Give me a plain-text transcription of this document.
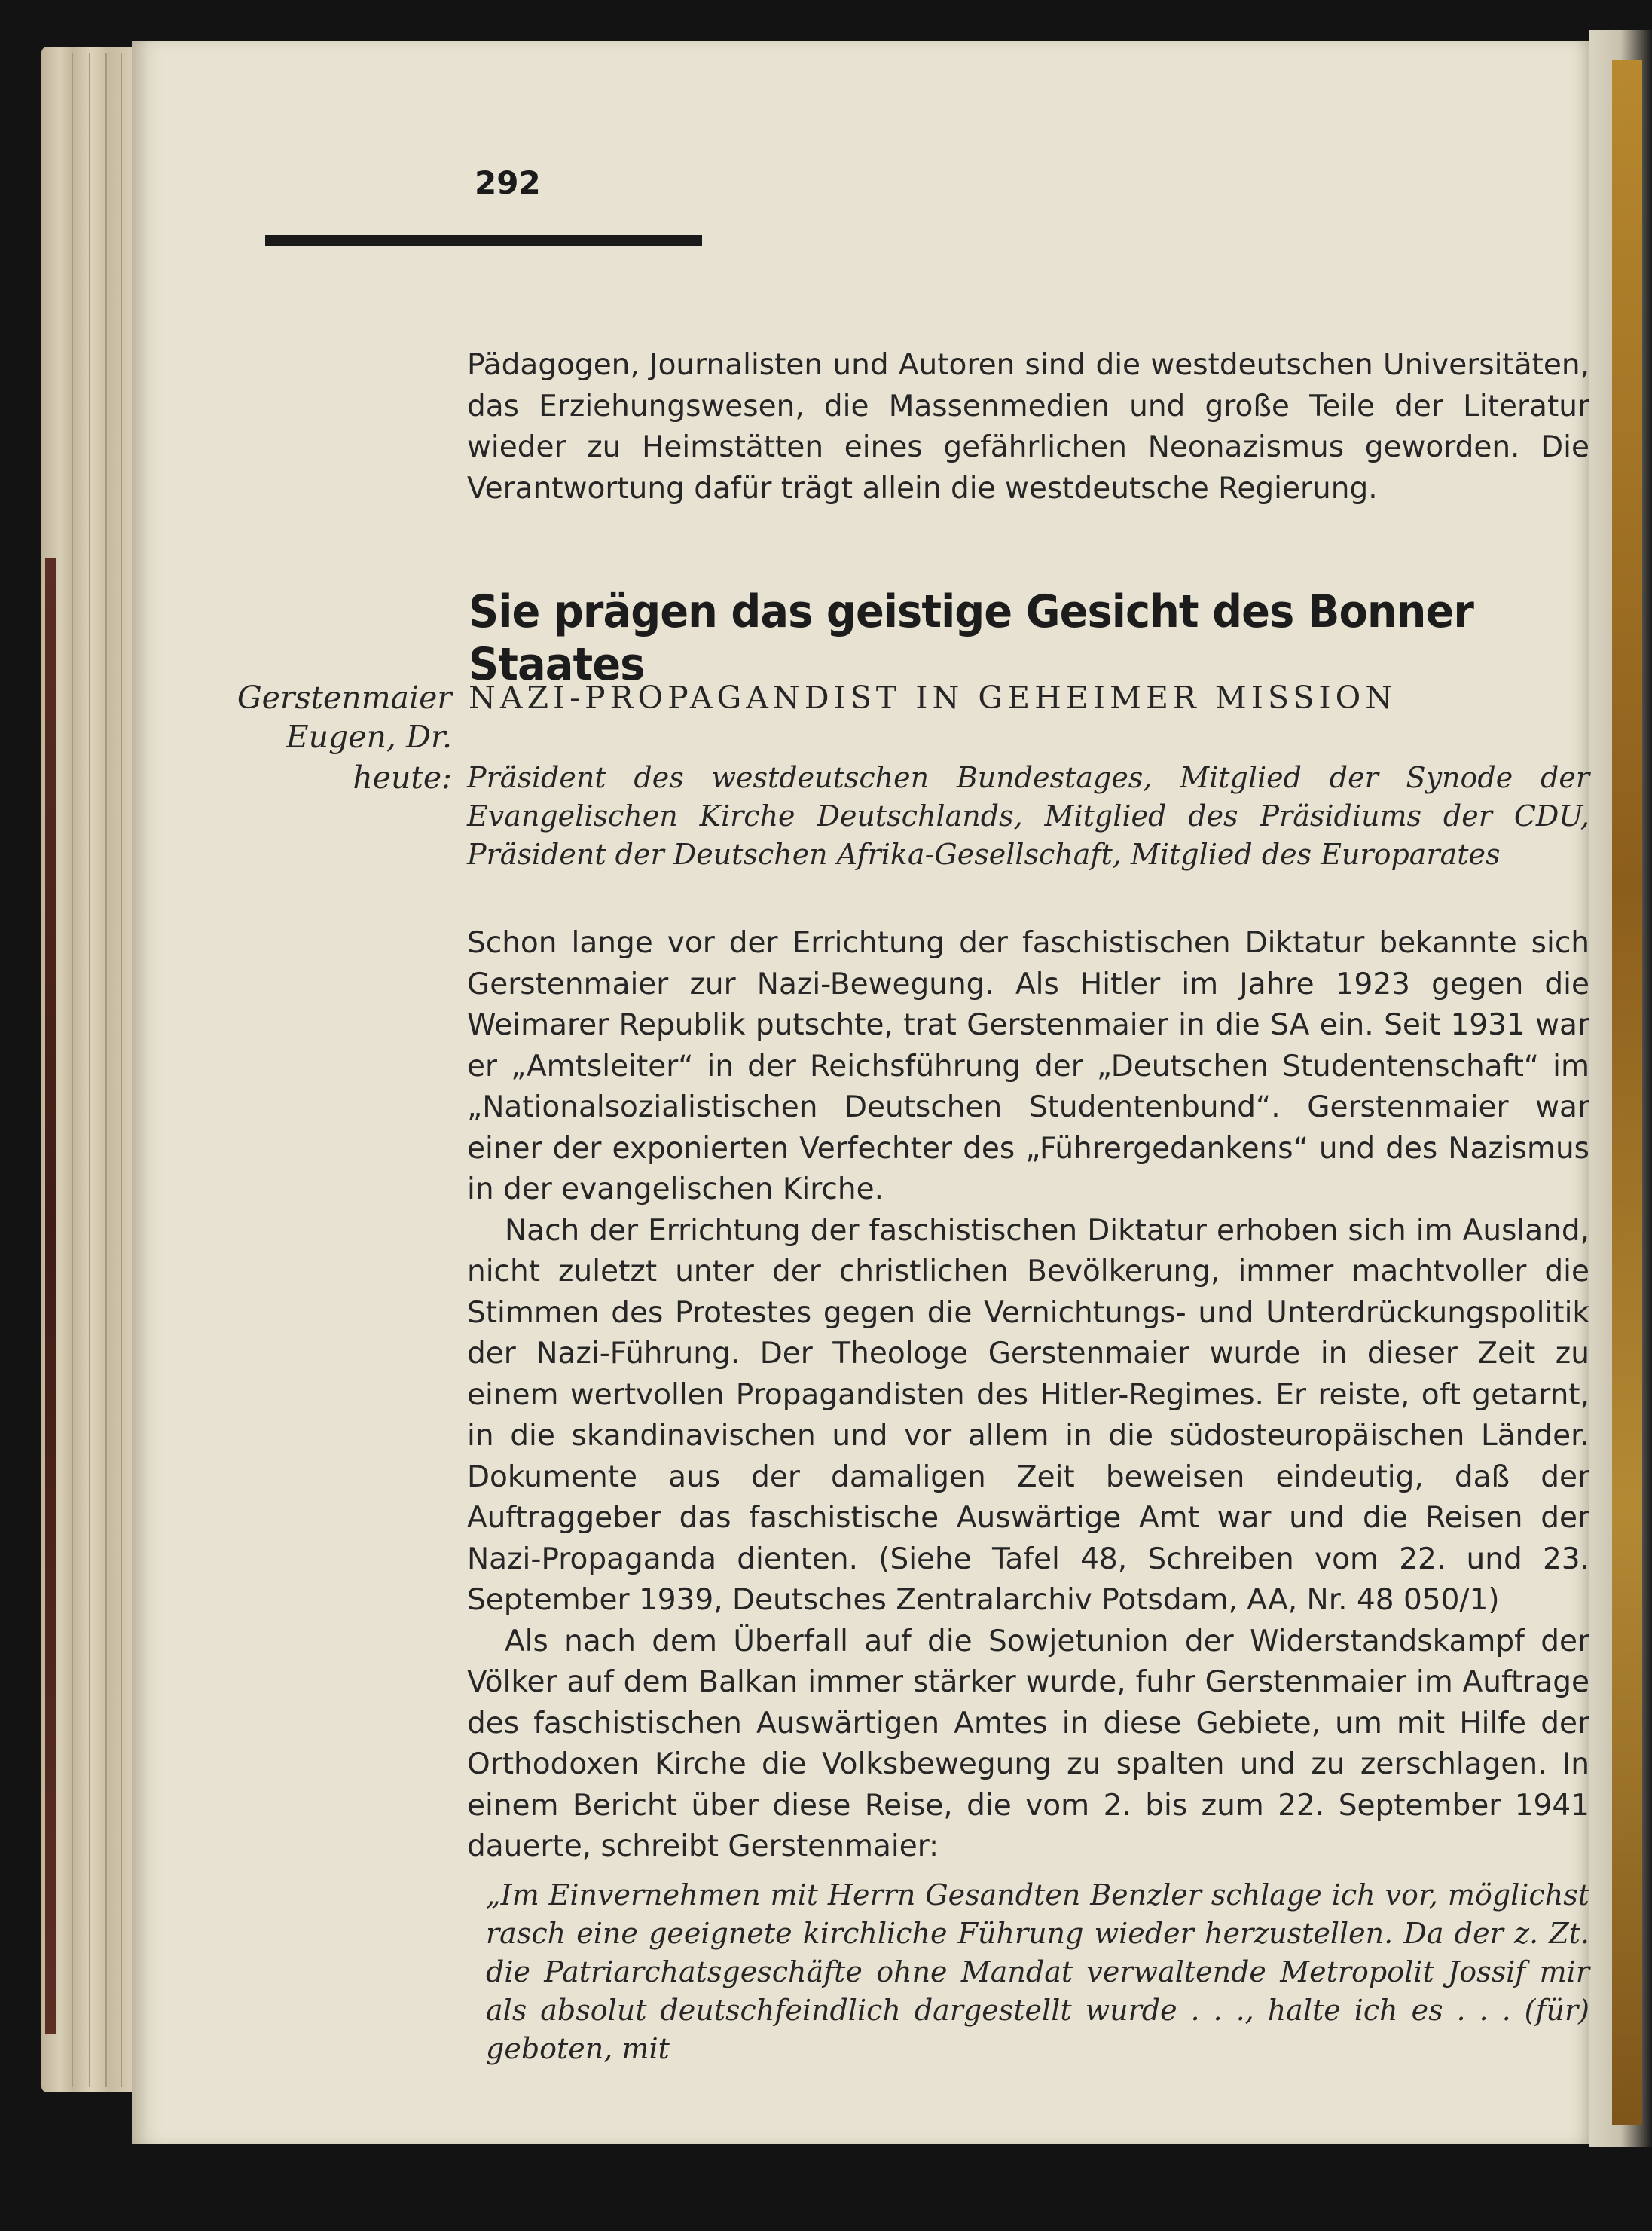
292

Pädagogen, Journalisten und Autoren sind die westdeutschen Universitäten, das Erziehungswesen, die Massenmedien und große Teile der Literatur wieder zu Heimstätten eines gefährlichen Neonazismus geworden. Die Verantwortung dafür trägt allein die westdeutsche Regierung.

Sie prägen das geistige Gesicht des Bonner Staates
Gerstenmaier
Eugen, Dr.
heute:
NAZI-PROPAGANDIST IN GEHEIMER MISSION
Präsident des westdeutschen Bundestages, Mitglied der Synode der Evangelischen Kirche Deutschlands, Mitglied des Präsidiums der CDU, Präsident der Deutschen Afrika-Gesellschaft, Mitglied des Europarates

Schon lange vor der Errichtung der faschistischen Diktatur bekannte sich Gerstenmaier zur Nazi-Bewegung. Als Hitler im Jahre 1923 gegen die Weimarer Republik putschte, trat Gerstenmaier in die SA ein. Seit 1931 war er „Amtsleiter“ in der Reichsführung der „Deutschen Studentenschaft“ im „Nationalsozialistischen Deutschen Studentenbund“. Gerstenmaier war einer der exponierten Verfechter des „Führergedankens“ und des Nazismus in der evangelischen Kirche.

Nach der Errichtung der faschistischen Diktatur erhoben sich im Ausland, nicht zuletzt unter der christlichen Bevölkerung, immer machtvoller die Stimmen des Protestes gegen die Vernichtungs- und Unterdrückungspolitik der Nazi-Führung. Der Theologe Gerstenmaier wurde in dieser Zeit zu einem wertvollen Propagandisten des Hitler-Regimes. Er reiste, oft getarnt, in die skandinavischen und vor allem in die südosteuropäischen Länder. Dokumente aus der damaligen Zeit beweisen eindeutig, daß der Auftraggeber das faschistische Auswärtige Amt war und die Reisen der Nazi-Propaganda dienten. (Siehe Tafel 48, Schreiben vom 22. und 23. September 1939, Deutsches Zentralarchiv Potsdam, AA, Nr. 48 050/1)

Als nach dem Überfall auf die Sowjetunion der Widerstandskampf der Völker auf dem Balkan immer stärker wurde, fuhr Gerstenmaier im Auftrage des faschistischen Auswärtigen Amtes in diese Gebiete, um mit Hilfe der Orthodoxen Kirche die Volksbewegung zu spalten und zu zerschlagen. In einem Bericht über diese Reise, die vom 2. bis zum 22. September 1941 dauerte, schreibt Gerstenmaier:

„Im Einvernehmen mit Herrn Gesandten Benzler schlage ich vor, möglichst rasch eine geeignete kirchliche Führung wieder herzustellen. Da der z. Zt. die Patriarchatsgeschäfte ohne Mandat verwaltende Metropolit Jossif mir als absolut deutschfeindlich dargestellt wurde . . ., halte ich es . . . (für) geboten, mit
